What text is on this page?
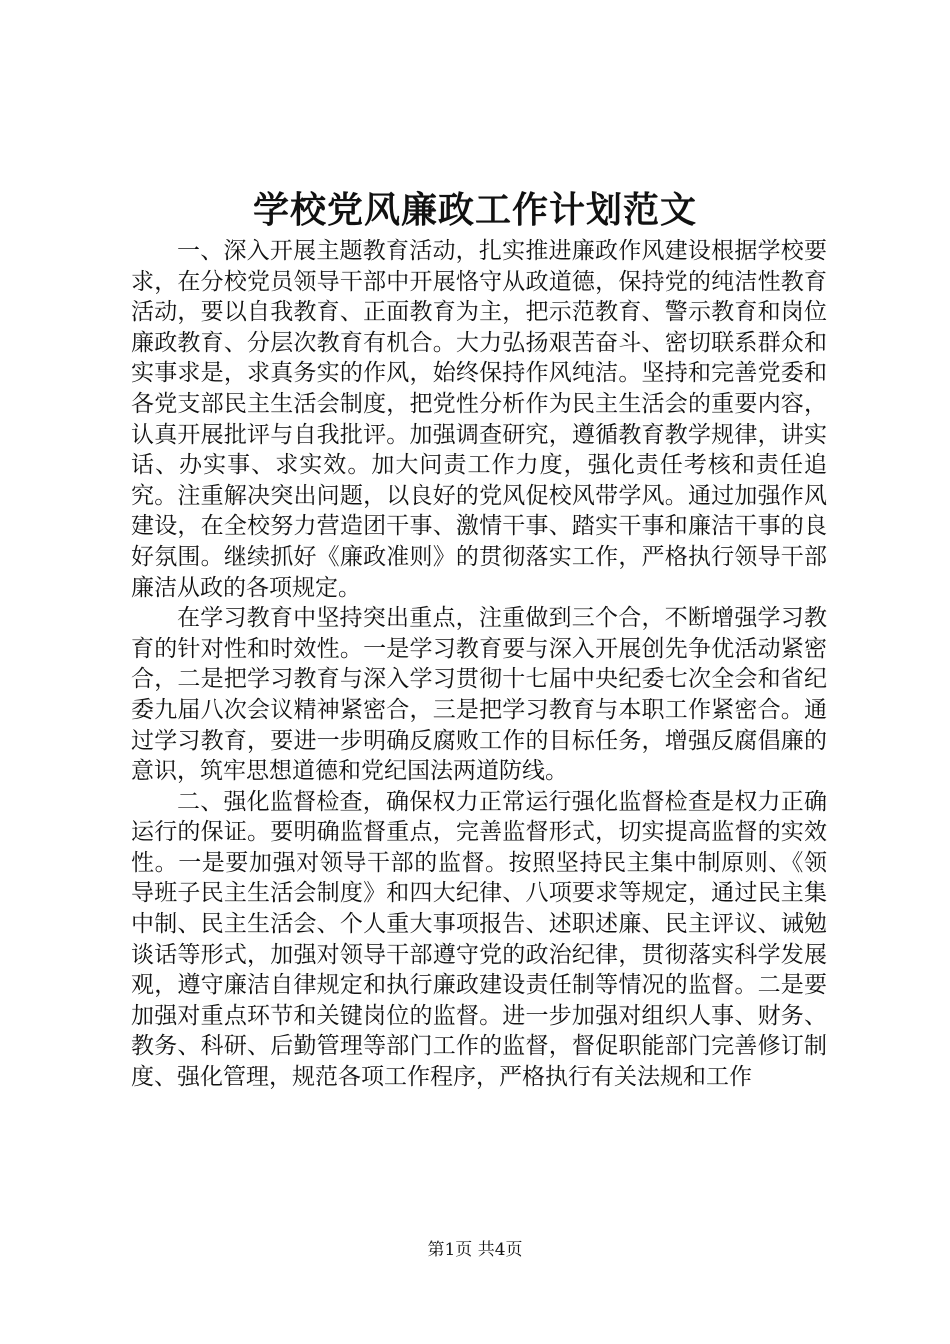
学校党风廉政工作计划范文

一、深入开展主题教育活动，扎实推进廉政作风建设根据学校要求，在分校党员领导干部中开展恪守从政道德，保持党的纯洁性教育活动，要以自我教育、正面教育为主，把示范教育、警示教育和岗位廉政教育、分层次教育有机合。大力弘扬艰苦奋斗、密切联系群众和实事求是，求真务实的作风，始终保持作风纯洁。坚持和完善党委和各党支部民主生活会制度，把党性分析作为民主生活会的重要内容，认真开展批评与自我批评。加强调查研究，遵循教育教学规律，讲实话、办实事、求实效。加大问责工作力度，强化责任考核和责任追究。注重解决突出问题，以良好的党风促校风带学风。通过加强作风建设，在全校努力营造团干事、激情干事、踏实干事和廉洁干事的良好氛围。继续抓好《廉政准则》的贯彻落实工作，严格执行领导干部廉洁从政的各项规定。

在学习教育中坚持突出重点，注重做到三个合，不断增强学习教育的针对性和时效性。一是学习教育要与深入开展创先争优活动紧密合，二是把学习教育与深入学习贯彻十七届中央纪委七次全会和省纪委九届八次会议精神紧密合，三是把学习教育与本职工作紧密合。通过学习教育，要进一步明确反腐败工作的目标任务，增强反腐倡廉的意识，筑牢思想道德和党纪国法两道防线。

二、强化监督检查，确保权力正常运行强化监督检查是权力正确运行的保证。要明确监督重点，完善监督形式，切实提高监督的实效性。一是要加强对领导干部的监督。按照坚持民主集中制原则、《领导班子民主生活会制度》和四大纪律、八项要求等规定，通过民主集中制、民主生活会、个人重大事项报告、述职述廉、民主评议、诫勉谈话等形式，加强对领导干部遵守党的政治纪律，贯彻落实科学发展观，遵守廉洁自律规定和执行廉政建设责任制等情况的监督。二是要加强对重点环节和关键岗位的监督。进一步加强对组织人事、财务、教务、科研、后勤管理等部门工作的监督，督促职能部门完善修订制度、强化管理，规范各项工作程序，严格执行有关法规和工作

第1页 共4页
